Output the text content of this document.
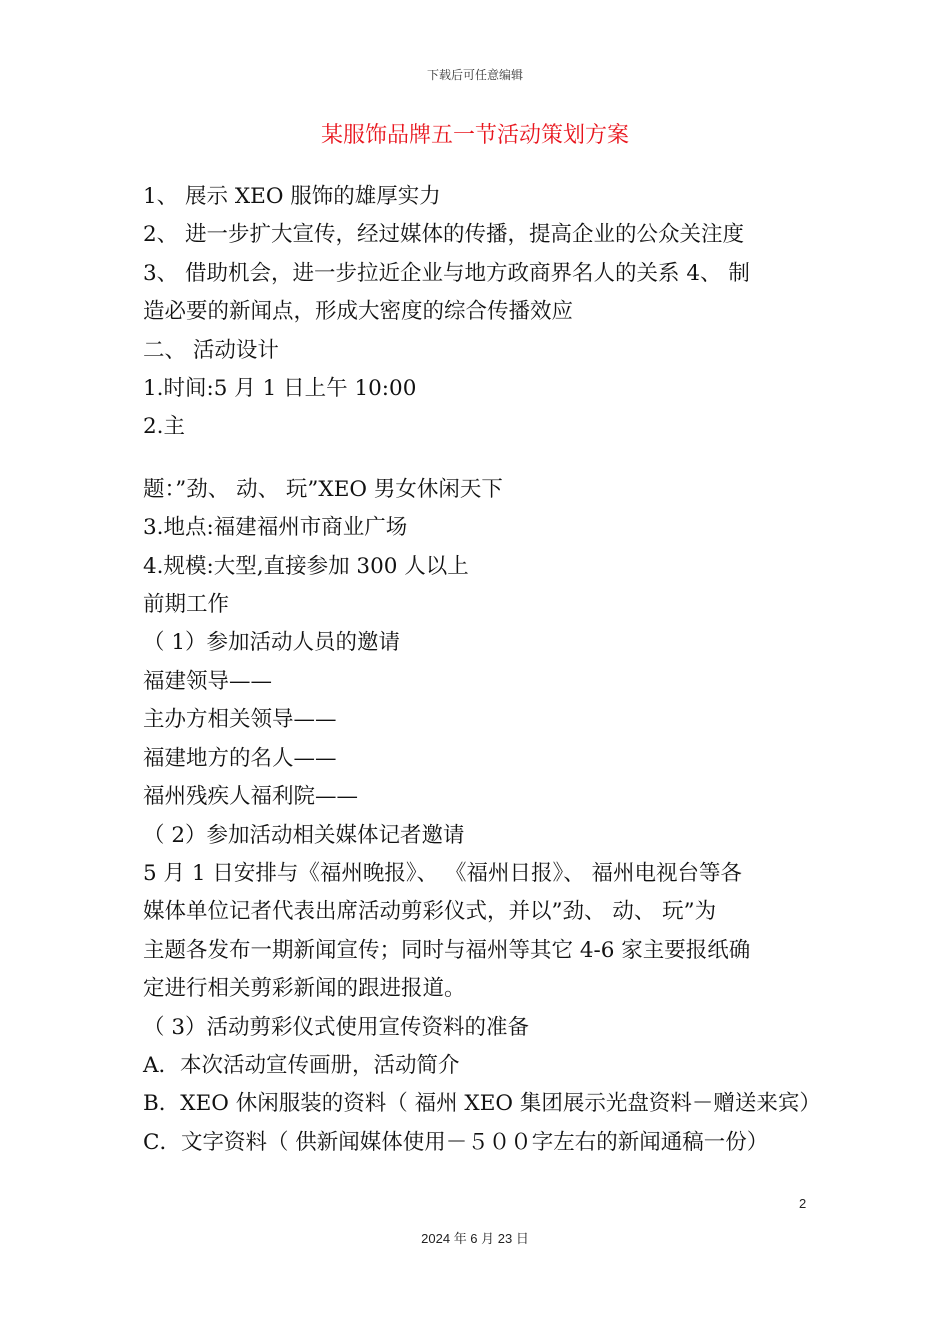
下载后可任意编辑
某服饰品牌五一节活动策划方案
1、 展示 XEO 服饰的雄厚实力
2、 进一步扩大宣传，经过媒体的传播，提高企业的公众关注度
3、 借助机会，进一步拉近企业与地方政商界名人的关系 4、 制
造必要的新闻点，形成大密度的综合传播效应
二、 活动设计
1.时间:5 月 1 日上午 10:00
2.主
题：”劲、 动、 玩”XEO 男女休闲天下
3.地点:福建福州市商业广场
4.规模:大型,直接参加 300 人以上
前期工作
（ 1）参加活动人员的邀请
福建领导——
主办方相关领导——
福建地方的名人——
福州残疾人福利院——
（ 2）参加活动相关媒体记者邀请
5 月 1 日安排与《福州晚报》、 《福州日报》、 福州电视台等各
媒体单位记者代表出席活动剪彩仪式，并以”劲、 动、 玩”为
主题各发布一期新闻宣传；同时与福州等其它 4-6 家主要报纸确
定进行相关剪彩新闻的跟进报道。
（ 3）活动剪彩仪式使用宣传资料的准备
A．本次活动宣传画册，活动简介
B．XEO 休闲服装的资料（ 福州 XEO 集团展示光盘资料－赠送来宾）
C．文字资料（ 供新闻媒体使用－５００字左右的新闻通稿一份）
2
2024 年 6 月 23 日
